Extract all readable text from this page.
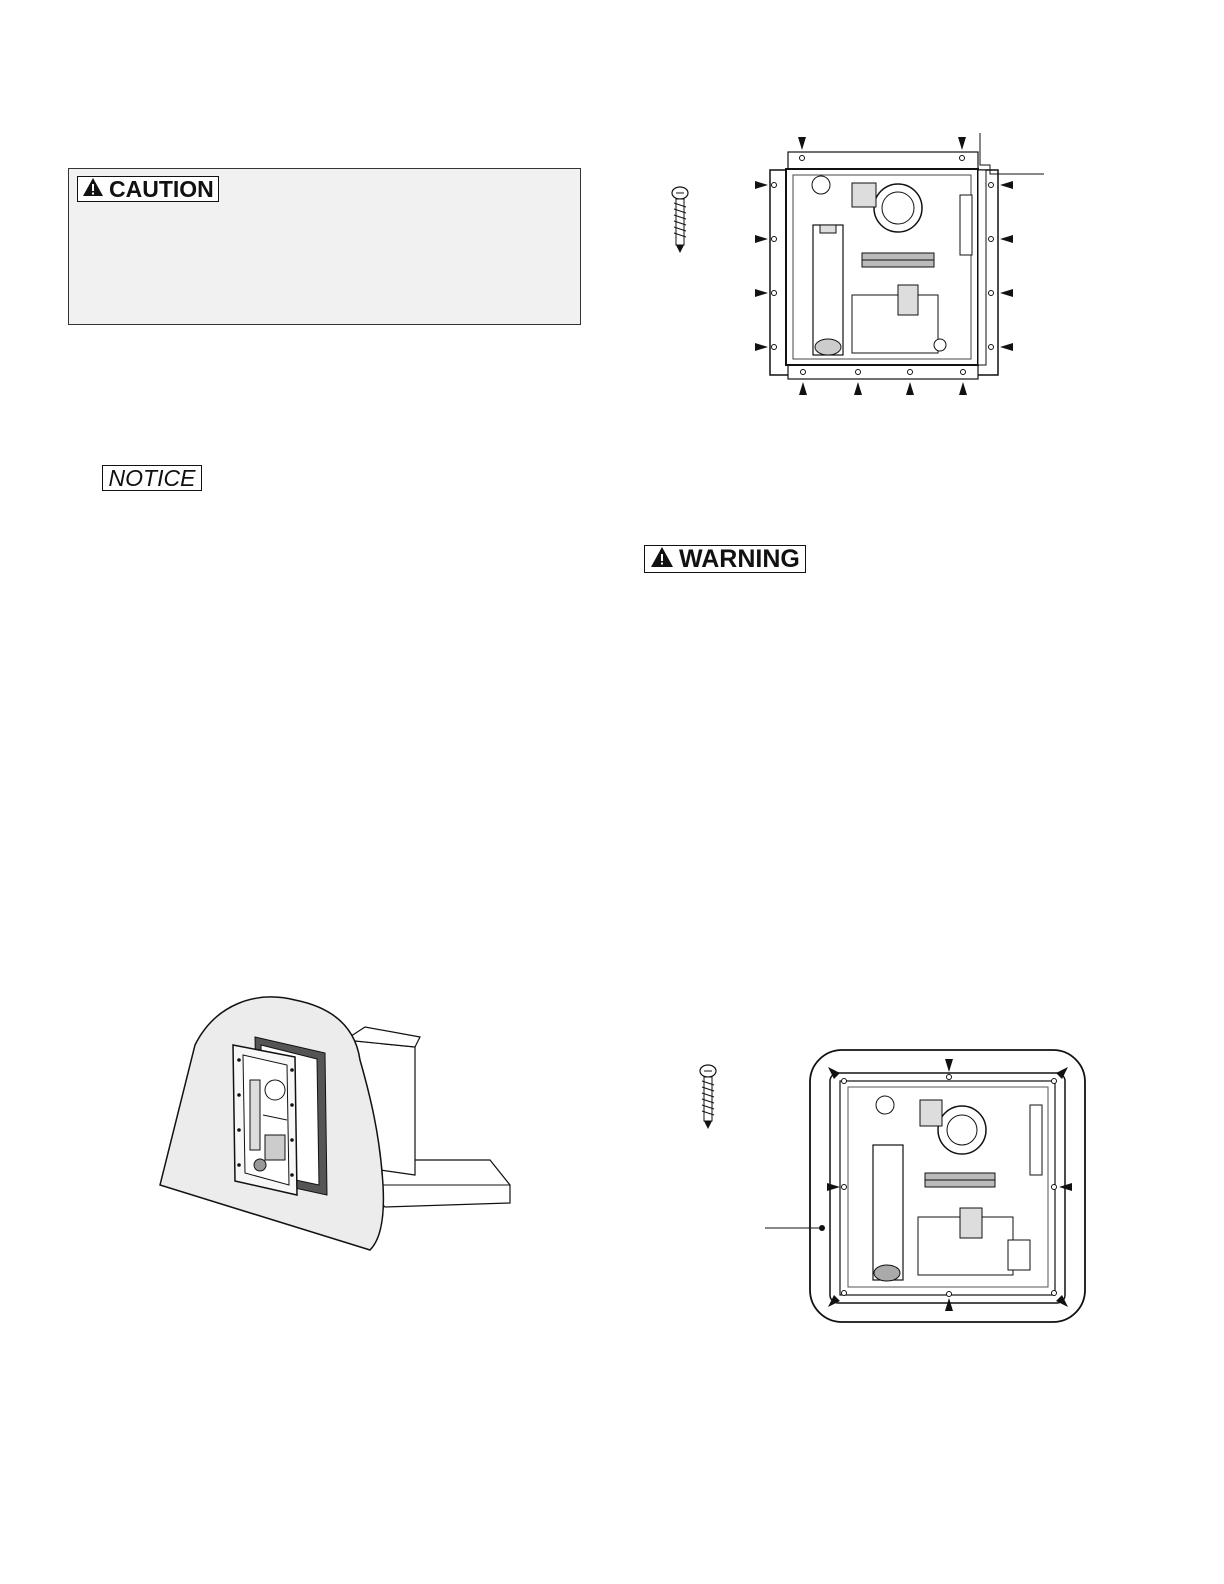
CAUTION
NOTICE
WARNING
